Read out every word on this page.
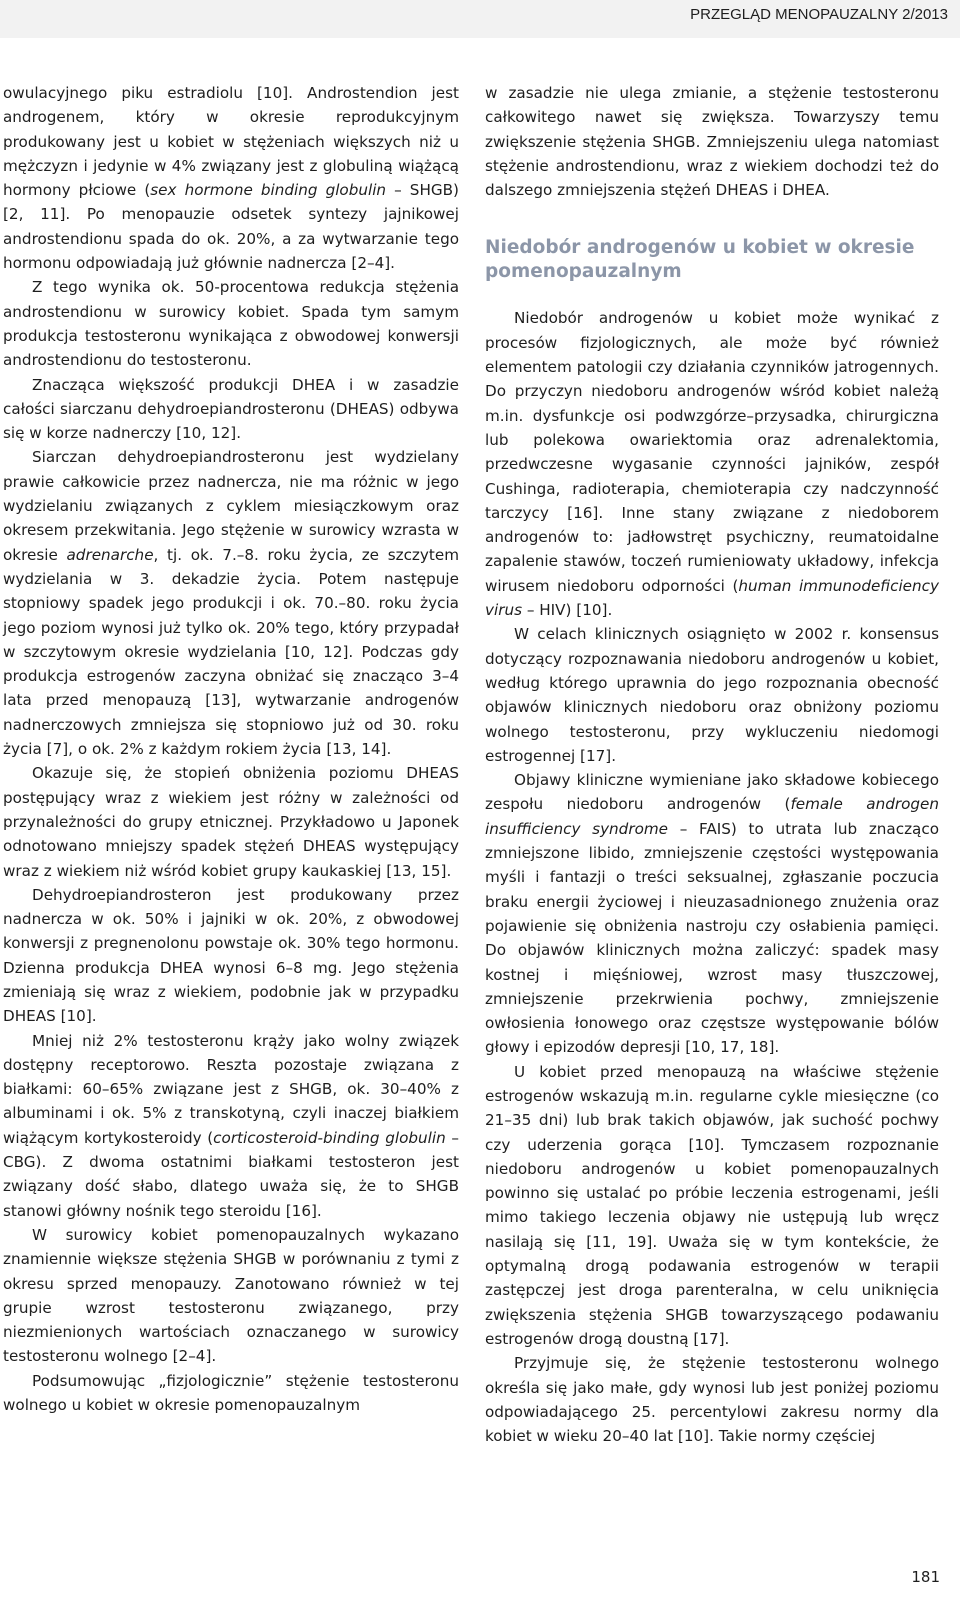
PRZEGLĄD MENOPAUZALNY 2/2013

owulacyjnego piku estradiolu [10]. Androstendion jest androgenem, który w okresie reprodukcyjnym produkowany jest u kobiet w stężeniach większych niż u mężczyzn i jedynie w 4% związany jest z globuliną wiążącą hormony płciowe (sex hormone binding globulin – SHGB) [2, 11]. Po menopauzie odsetek syntezy jajnikowej androstendionu spada do ok. 20%, a za wytwarzanie tego hormonu odpowiadają już głównie nadnercza [2–4].

Z tego wynika ok. 50-procentowa redukcja stężenia androstendionu w surowicy kobiet. Spada tym samym produkcja testosteronu wynikająca z obwodowej konwersji androstendionu do testosteronu.

Znacząca większość produkcji DHEA i w zasadzie całości siarczanu dehydroepiandrosteronu (DHEAS) odbywa się w korze nadnerczy [10, 12].

Siarczan dehydroepiandrosteronu jest wydzielany prawie całkowicie przez nadnercza, nie ma różnic w jego wydzielaniu związanych z cyklem miesiączkowym oraz okresem przekwitania. Jego stężenie w surowicy wzrasta w okresie adrenarche, tj. ok. 7.–8. roku życia, ze szczytem wydzielania w 3. dekadzie życia. Potem następuje stopniowy spadek jego produkcji i ok. 70.–80. roku życia jego poziom wynosi już tylko ok. 20% tego, który przypadał w szczytowym okresie wydzielania [10, 12]. Podczas gdy produkcja estrogenów zaczyna obniżać się znacząco 3–4 lata przed menopauzą [13], wytwarzanie androgenów nadnerczowych zmniejsza się stopniowo już od 30. roku życia [7], o ok. 2% z każdym rokiem życia [13, 14].

Okazuje się, że stopień obniżenia poziomu DHEAS postępujący wraz z wiekiem jest różny w zależności od przynależności do grupy etnicznej. Przykładowo u Japonek odnotowano mniejszy spadek stężeń DHEAS występujący wraz z wiekiem niż wśród kobiet grupy kaukaskiej [13, 15].

Dehydroepiandrosteron jest produkowany przez nadnercza w ok. 50% i jajniki w ok. 20%, z obwodowej konwersji z pregnenolonu powstaje ok. 30% tego hormonu. Dzienna produkcja DHEA wynosi 6–8 mg. Jego stężenia zmieniają się wraz z wiekiem, podobnie jak w przypadku DHEAS [10].

Mniej niż 2% testosteronu krąży jako wolny związek dostępny receptorowo. Reszta pozostaje związana z białkami: 60–65% związane jest z SHGB, ok. 30–40% z albuminami i ok. 5% z transkotyną, czyli inaczej białkiem wiążącym kortykosteroidy (corticosteroid-binding globulin – CBG). Z dwoma ostatnimi białkami testosteron jest związany dość słabo, dlatego uważa się, że to SHGB stanowi główny nośnik tego steroidu [16].

W surowicy kobiet pomenopauzalnych wykazano znamiennie większe stężenia SHGB w porównaniu z tymi z okresu sprzed menopauzy. Zanotowano również w tej grupie wzrost testosteronu związanego, przy niezmienionych wartościach oznaczanego w surowicy testosteronu wolnego [2–4].

Podsumowując „fizjologicznie” stężenie testosteronu wolnego u kobiet w okresie pomenopauzalnym

w zasadzie nie ulega zmianie, a stężenie testosteronu całkowitego nawet się zwiększa. Towarzyszy temu zwiększenie stężenia SHGB. Zmniejszeniu ulega natomiast stężenie androstendionu, wraz z wiekiem dochodzi też do dalszego zmniejszenia stężeń DHEAS i DHEA.

Niedobór androgenów u kobiet w okresie pomenopauzalnym

Niedobór androgenów u kobiet może wynikać z procesów fizjologicznych, ale może być również elementem patologii czy działania czynników jatrogennych. Do przyczyn niedoboru androgenów wśród kobiet należą m.in. dysfunkcje osi podwzgórze–przysadka, chirurgiczna lub polekowa owariektomia oraz adrenalektomia, przedwczesne wygasanie czynności jajników, zespół Cushinga, radioterapia, chemioterapia czy nadczynność tarczycy [16]. Inne stany związane z niedoborem androgenów to: jadłowstręt psychiczny, reumatoidalne zapalenie stawów, toczeń rumieniowaty układowy, infekcja wirusem niedoboru odporności (human immunodeficiency virus – HIV) [10].

W celach klinicznych osiągnięto w 2002 r. konsensus dotyczący rozpoznawania niedoboru androgenów u kobiet, według którego uprawnia do jego rozpoznania obecność objawów klinicznych niedoboru oraz obniżony poziomu wolnego testosteronu, przy wykluczeniu niedomogi estrogennej [17].

Objawy kliniczne wymieniane jako składowe kobiecego zespołu niedoboru androgenów (female androgen insufficiency syndrome – FAIS) to utrata lub znacząco zmniejszone libido, zmniejszenie częstości występowania myśli i fantazji o treści seksualnej, zgłaszanie poczucia braku energii życiowej i nieuzasadnionego znużenia oraz pojawienie się obniżenia nastroju czy osłabienia pamięci. Do objawów klinicznych można zaliczyć: spadek masy kostnej i mięśniowej, wzrost masy tłuszczowej, zmniejszenie przekrwienia pochwy, zmniejszenie owłosienia łonowego oraz częstsze występowanie bólów głowy i epizodów depresji [10, 17, 18].

U kobiet przed menopauzą na właściwe stężenie estrogenów wskazują m.in. regularne cykle miesięczne (co 21–35 dni) lub brak takich objawów, jak suchość pochwy czy uderzenia gorąca [10]. Tymczasem rozpoznanie niedoboru androgenów u kobiet pomenopauzalnych powinno się ustalać po próbie leczenia estrogenami, jeśli mimo takiego leczenia objawy nie ustępują lub wręcz nasilają się [11, 19]. Uważa się w tym kontekście, że optymalną drogą podawania estrogenów w terapii zastępczej jest droga parenteralna, w celu uniknięcia zwiększenia stężenia SHGB towarzyszącego podawaniu estrogenów drogą doustną [17].

Przyjmuje się, że stężenie testosteronu wolnego określa się jako małe, gdy wynosi lub jest poniżej poziomu odpowiadającego 25. percentylowi zakresu normy dla kobiet w wieku 20–40 lat [10]. Takie normy częściej

181
